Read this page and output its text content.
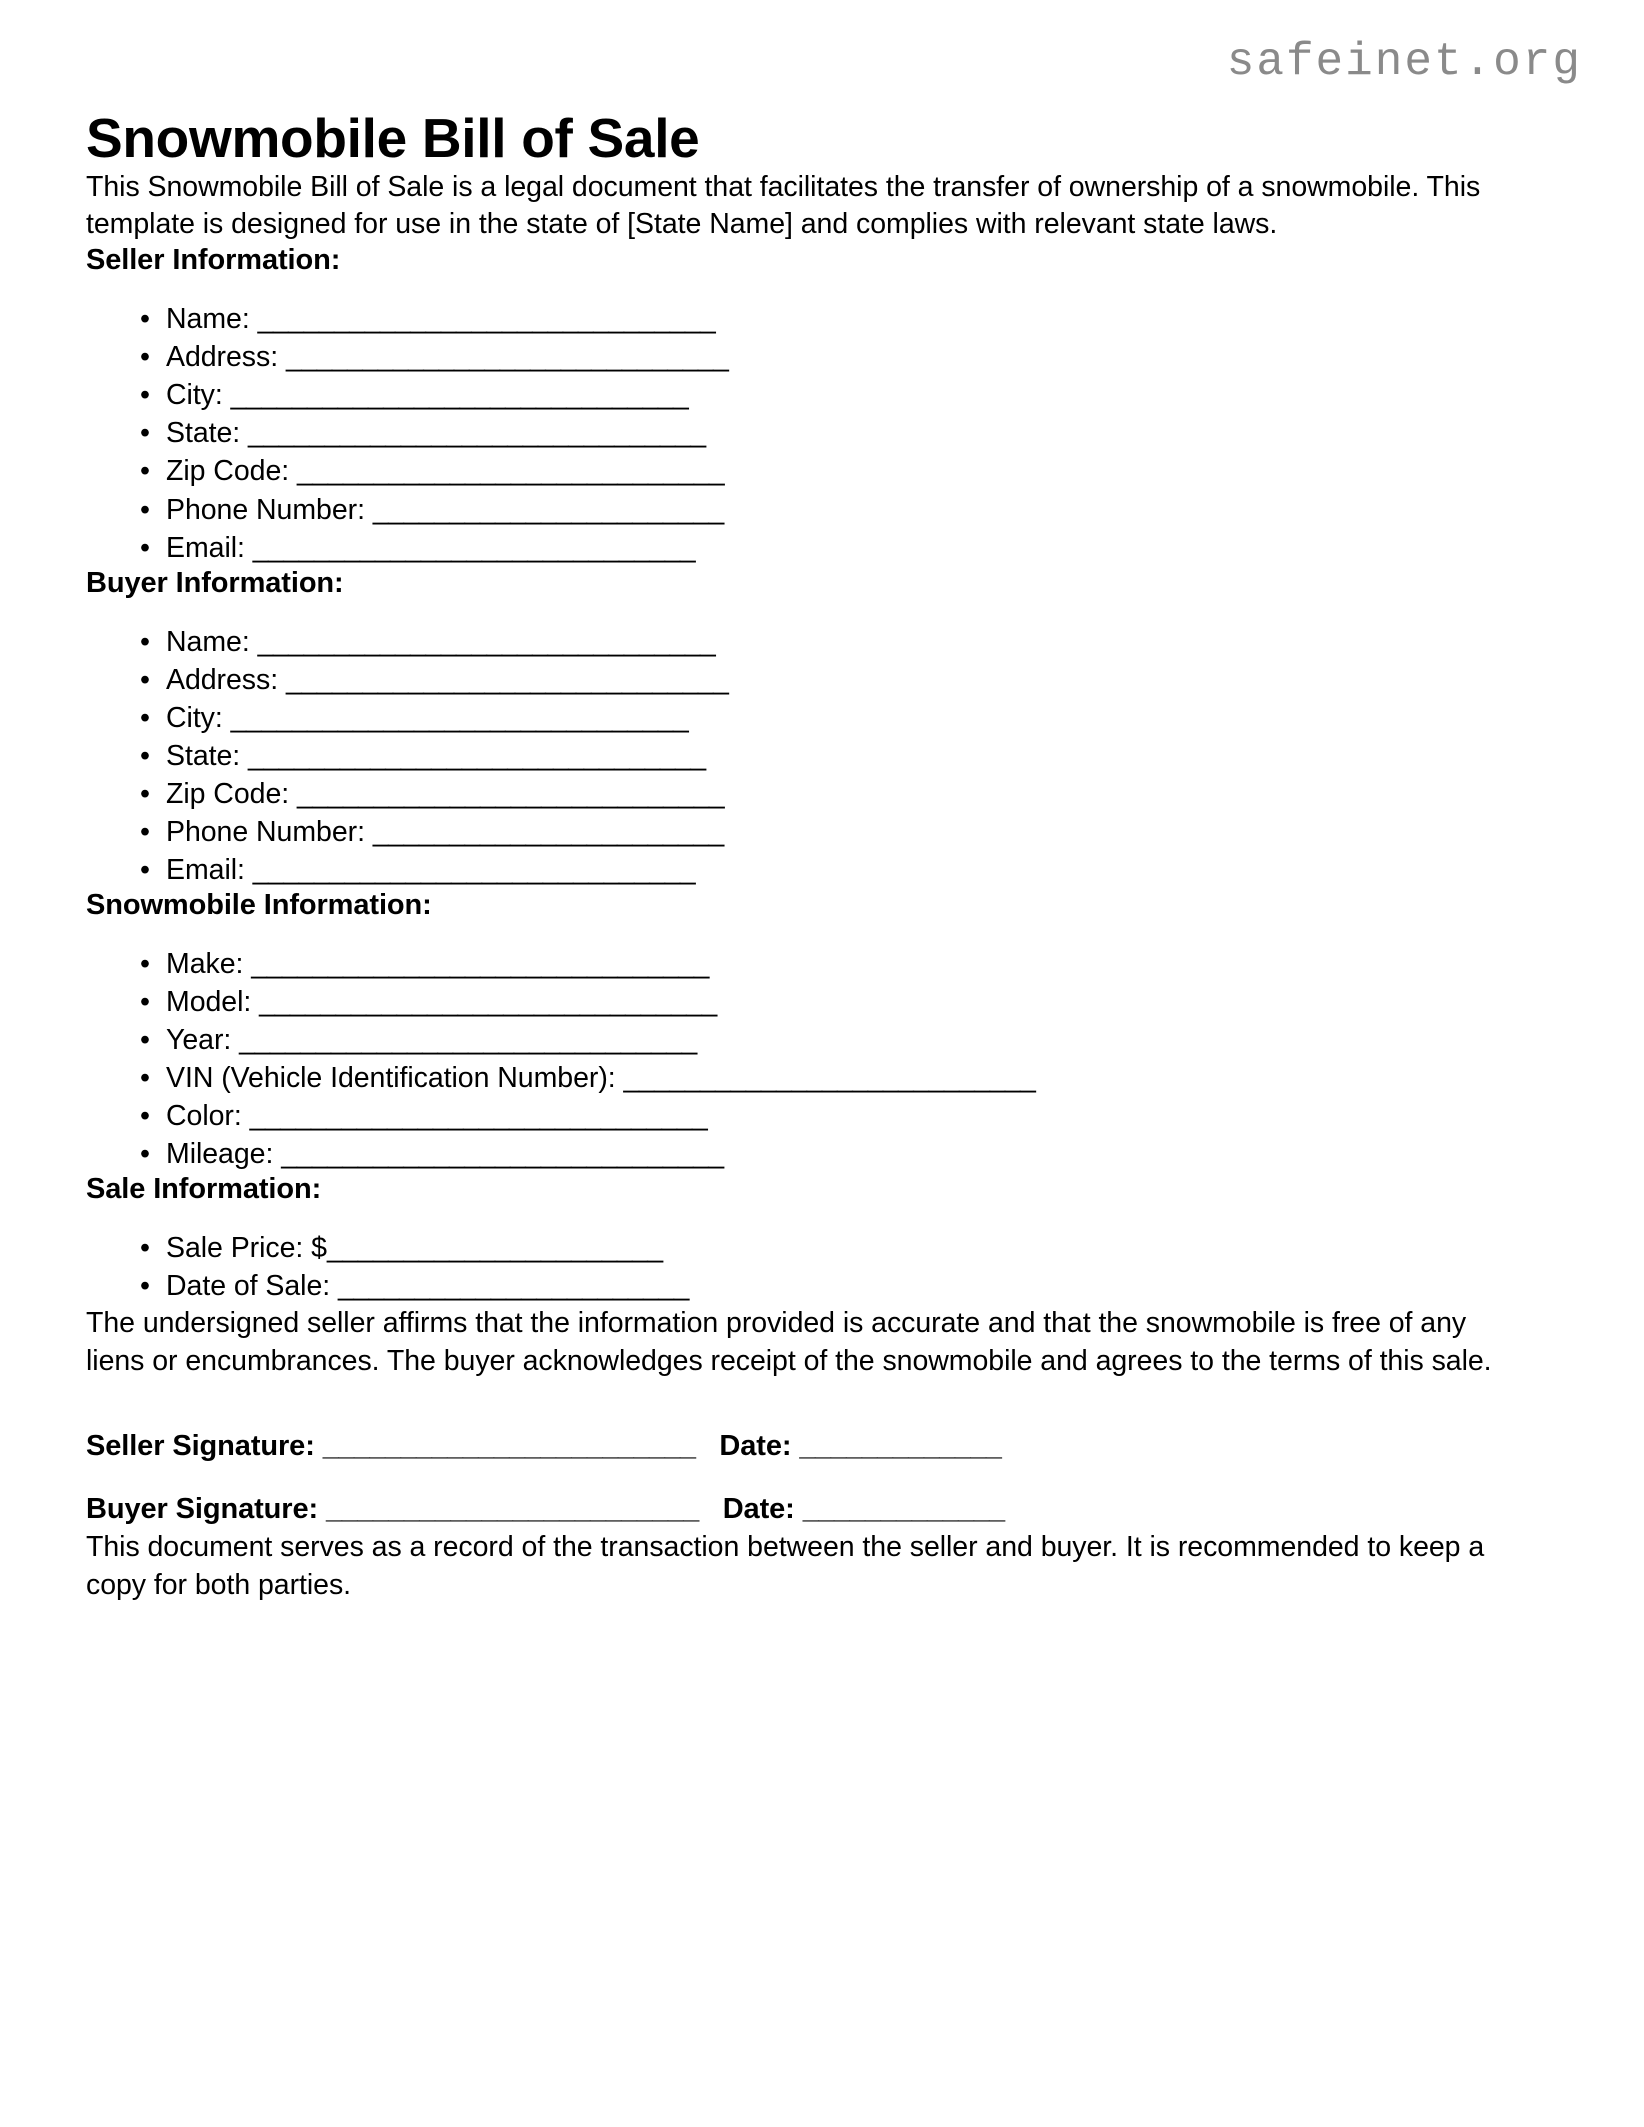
safeinet.org
Snowmobile Bill of Sale

This Snowmobile Bill of Sale is a legal document that facilitates the transfer of ownership of a snowmobile. This template is designed for use in the state of [State Name] and complies with relevant state laws.

Seller Information:
• Name: ______________________________
• Address: _____________________________
• City: ______________________________
• State: ______________________________
• Zip Code: ____________________________
• Phone Number: _______________________
• Email: _____________________________
Buyer Information:
• Name: ______________________________
• Address: _____________________________
• City: ______________________________
• State: ______________________________
• Zip Code: ____________________________
• Phone Number: _______________________
• Email: _____________________________
Snowmobile Information:
• Make: ______________________________
• Model: ______________________________
• Year: ______________________________
• VIN (Vehicle Identification Number): ___________________________
• Color: ______________________________
• Mileage: _____________________________
Sale Information:
• Sale Price: $______________________
• Date of Sale: _______________________

The undersigned seller affirms that the information provided is accurate and that the snowmobile is free of any liens or encumbrances. The buyer acknowledges receipt of the snowmobile and agrees to the terms of this sale.

Seller Signature: ________________________ Date: _____________
Buyer Signature: ________________________ Date: _____________

This document serves as a record of the transaction between the seller and buyer. It is recommended to keep a copy for both parties.
